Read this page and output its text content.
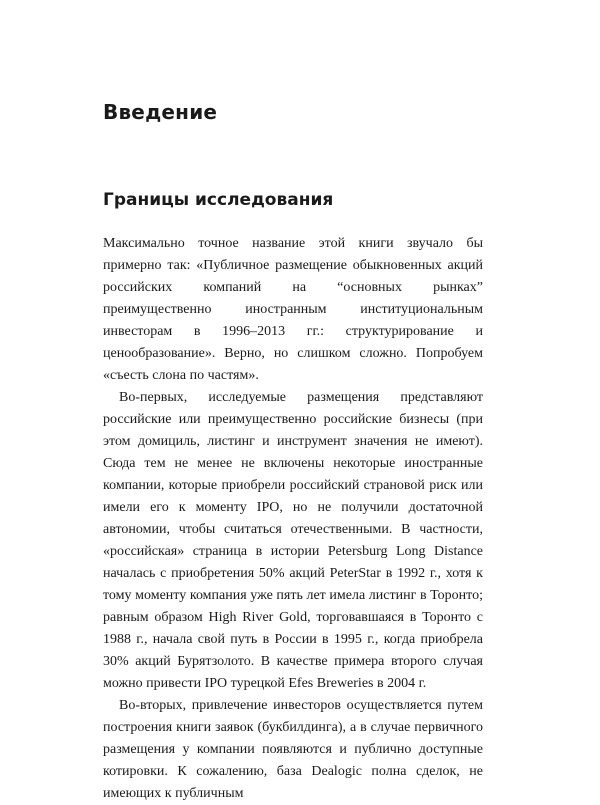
Введение
Границы исследования

Максимально точное название этой книги звучало бы примерно так: «Публичное размещение обыкновенных акций российских компаний на “основных рынках” преимущественно иностранным институциональным инвесторам в 1996–2013 гг.: структурирование и ценообразование». Верно, но слишком сложно. Попробуем «съесть слона по частям».

Во-первых, исследуемые размещения представляют российские или преимущественно российские бизнесы (при этом домициль, листинг и инструмент значения не имеют). Сюда тем не менее не включены некоторые иностранные компании, которые приобрели российский страновой риск или имели его к моменту IPO, но не получили достаточной автономии, чтобы считаться отечественными. В частности, «российская» страница в истории Petersburg Long Distance началась с приобретения 50% акций PeterStar в 1992 г., хотя к тому моменту компания уже пять лет имела листинг в Торонто; равным образом High River Gold, торговавшаяся в Торонто с 1988 г., начала свой путь в России в 1995 г., когда приобрела 30% акций Бурятзолото. В качестве примера второго случая можно привести IPO турецкой Efes Breweries в 2004 г.

Во-вторых, привлечение инвесторов осуществляется путем построения книги заявок (букбилдинга), а в случае первичного размещения у компании появляются и публично доступные котировки. К сожалению, база Dealogic полна сделок, не имеющих к публичным
